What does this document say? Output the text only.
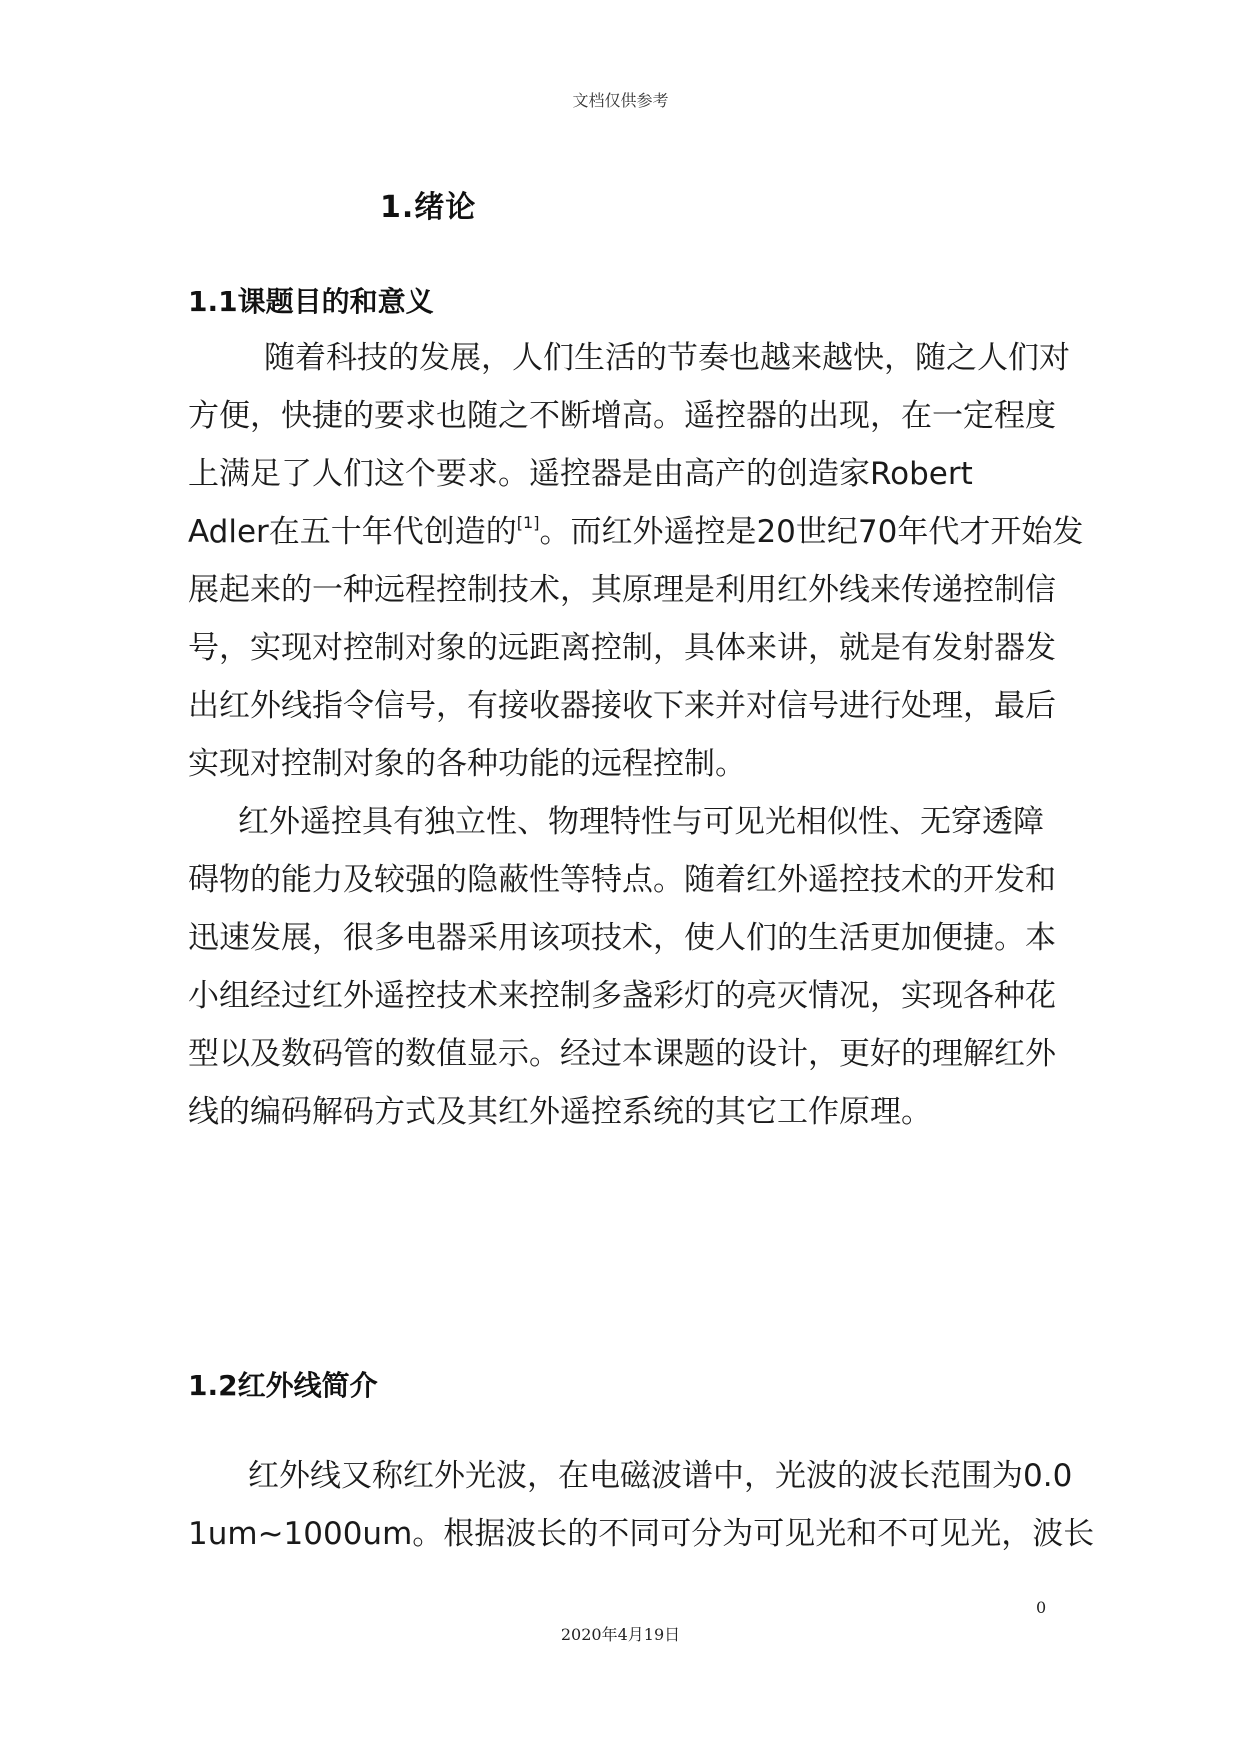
文档仅供参考
1.绪论
1.1课题目的和意义
随着科技的发展，人们生活的节奏也越来越快，随之人们对
方便，快捷的要求也随之不断增高。遥控器的出现，在一定程度
上满足了人们这个要求。遥控器是由高产的创造家Robert
Adler在五十年代创造的[1]。而红外遥控是20世纪70年代才开始发
展起来的一种远程控制技术，其原理是利用红外线来传递控制信
号，实现对控制对象的远距离控制，具体来讲，就是有发射器发
出红外线指令信号，有接收器接收下来并对信号进行处理，最后
实现对控制对象的各种功能的远程控制。
红外遥控具有独立性、物理特性与可见光相似性、无穿透障
碍物的能力及较强的隐蔽性等特点。随着红外遥控技术的开发和
迅速发展，很多电器采用该项技术，使人们的生活更加便捷。本
小组经过红外遥控技术来控制多盏彩灯的亮灭情况，实现各种花
型以及数码管的数值显示。经过本课题的设计，更好的理解红外
线的编码解码方式及其红外遥控系统的其它工作原理。
1.2红外线简介
红外线又称红外光波，在电磁波谱中，光波的波长范围为0.0
1um~1000um。根据波长的不同可分为可见光和不可见光，波长
0
2020年4月19日
